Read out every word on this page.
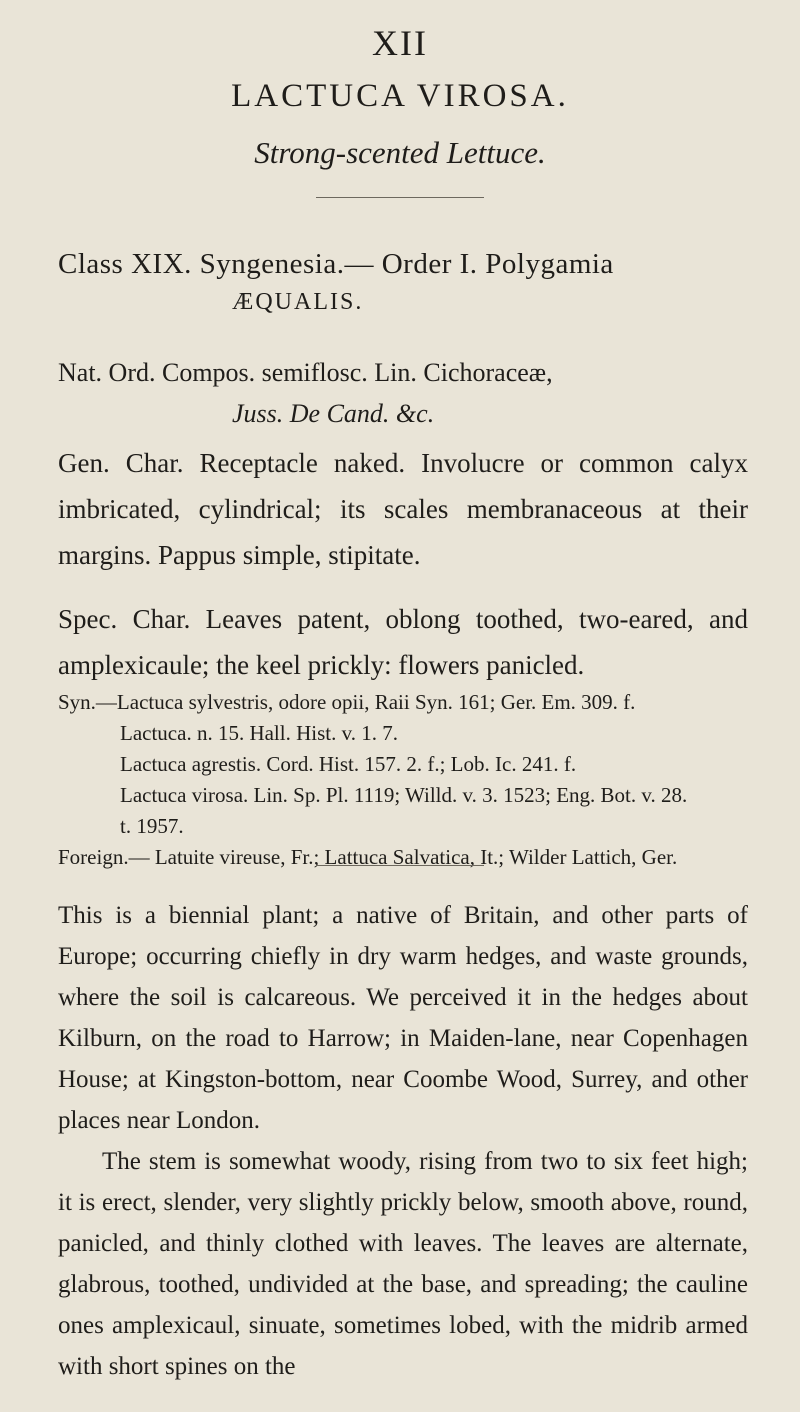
XII
LACTUCA VIROSA.
Strong-scented Lettuce.
Class XIX. Syngenesia.— Order I. Polygamia
ÆQUALIS.
Nat. Ord. Compos. semiflosc. Lin. Cichoraceæ,
Juss. De Cand. &c.
Gen. Char. Receptacle naked. Involucre or common calyx imbricated, cylindrical; its scales membranaceous at their margins. Pappus simple, stipitate.
Spec. Char. Leaves patent, oblong toothed, two-eared, and amplexicaule; the keel prickly: flowers panicled.
Syn.—Lactuca sylvestris, odore opii, Raii Syn. 161; Ger. Em. 309. f.
Lactuca. n. 15. Hall. Hist. v. 1. 7.
Lactuca agrestis. Cord. Hist. 157. 2. f.; Lob. Ic. 241. f.
Lactuca virosa. Lin. Sp. Pl. 1119; Willd. v. 3. 1523; Eng. Bot. v. 28.
t. 1957.
Foreign.— Latuite vireuse, Fr.; Lattuca Salvatica, It.; Wilder Lattich, Ger.

This is a biennial plant; a native of Britain, and other parts of Europe; occurring chiefly in dry warm hedges, and waste grounds, where the soil is calcareous. We perceived it in the hedges about Kilburn, on the road to Harrow; in Maiden-lane, near Copenhagen House; at Kingston-bottom, near Coombe Wood, Surrey, and other places near London.

The stem is somewhat woody, rising from two to six feet high; it is erect, slender, very slightly prickly below, smooth above, round, panicled, and thinly clothed with leaves. The leaves are alternate, glabrous, toothed, undivided at the base, and spreading; the cauline ones amplexicaul, sinuate, sometimes lobed, with the midrib armed with short spines on the
